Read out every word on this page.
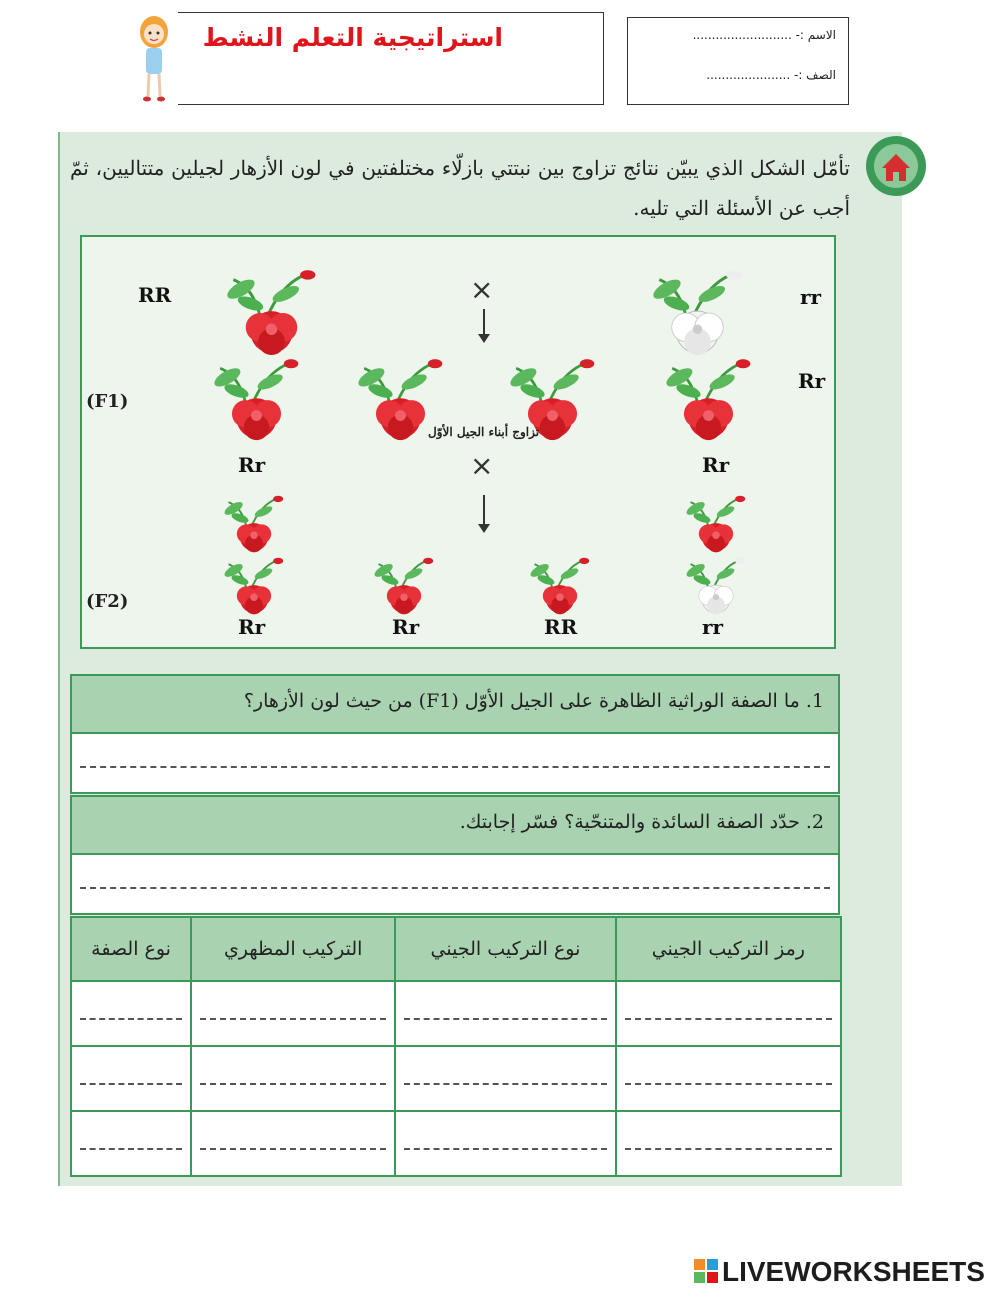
استراتيجية التعلم النشط	الاسم :- ..........................
الصف :- ......................
تأمّل الشكل الذي يبيّن نتائج تزاوج بين نبتتي بازلّاء مختلفتين في لون الأزهار لجيلين متتاليين، ثمّ أجب عن الأسئلة التي تليه.
RR	×	rr
(F1)
Rr
تزاوج أبناء الجيل الأوّل
Rr	×	Rr
(F2)
Rr	Rr	RR	rr
1. ما الصفة الوراثية الظاهرة على الجيل الأوّل (F1) من حيث لون الأزهار؟
2. حدّد الصفة السائدة والمتنحّية؟ فسّر إجابتك.
رمز التركيب الجيني	نوع التركيب الجيني	التركيب المظهري	نوع الصفة

LIVEWORKSHEETS
